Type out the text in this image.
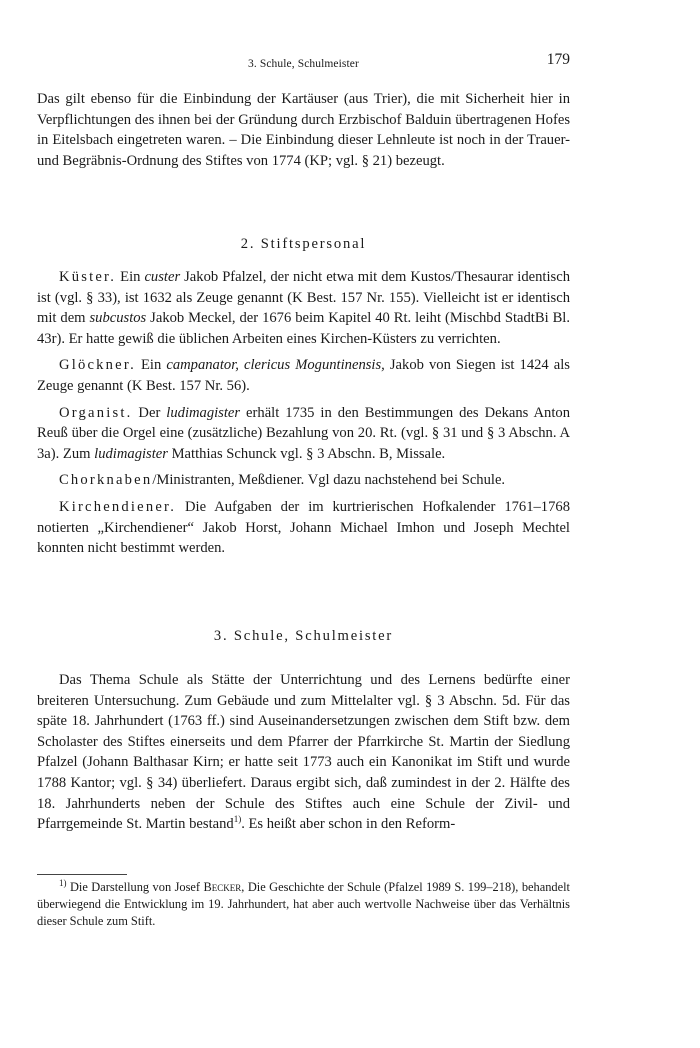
3. Schule, Schulmeister	179

Das gilt ebenso für die Einbindung der Kartäuser (aus Trier), die mit Sicherheit hier in Verpflichtungen des ihnen bei der Gründung durch Erzbischof Balduin übertragenen Hofes in Eitelsbach eingetreten waren. – Die Einbindung dieser Lehnleute ist noch in der Trauer- und Begräbnis-Ordnung des Stiftes von 1774 (KP; vgl. § 21) bezeugt.

2. Stiftspersonal

Küster. Ein custer Jakob Pfalzel, der nicht etwa mit dem Kustos/Thesaurar identisch ist (vgl. § 33), ist 1632 als Zeuge genannt (K Best. 157 Nr. 155). Vielleicht ist er identisch mit dem subcustos Jakob Meckel, der 1676 beim Kapitel 40 Rt. leiht (Mischbd StadtBi Bl. 43r). Er hatte gewiß die üblichen Arbeiten eines Kirchen-Küsters zu verrichten.

Glöckner. Ein campanator, clericus Moguntinensis, Jakob von Siegen ist 1424 als Zeuge genannt (K Best. 157 Nr. 56).

Organist. Der ludimagister erhält 1735 in den Bestimmungen des Dekans Anton Reuß über die Orgel eine (zusätzliche) Bezahlung von 20. Rt. (vgl. § 31 und § 3 Abschn. A 3a). Zum ludimagister Matthias Schunck vgl. § 3 Abschn. B, Missale.

Chorknaben/Ministranten, Meßdiener. Vgl dazu nachstehend bei Schule.

Kirchendiener. Die Aufgaben der im kurtrierischen Hofkalender 1761–1768 notierten „Kirchendiener“ Jakob Horst, Johann Michael Imhon und Joseph Mechtel konnten nicht bestimmt werden.

3. Schule, Schulmeister

Das Thema Schule als Stätte der Unterrichtung und des Lernens bedürfte einer breiteren Untersuchung. Zum Gebäude und zum Mittelalter vgl. § 3 Abschn. 5d. Für das späte 18. Jahrhundert (1763 ff.) sind Auseinandersetzungen zwischen dem Stift bzw. dem Scholaster des Stiftes einerseits und dem Pfarrer der Pfarrkirche St. Martin der Siedlung Pfalzel (Johann Balthasar Kirn; er hatte seit 1773 auch ein Kanonikat im Stift und wurde 1788 Kantor; vgl. § 34) überliefert. Daraus ergibt sich, daß zumindest in der 2. Hälfte des 18. Jahrhunderts neben der Schule des Stiftes auch eine Schule der Zivil- und Pfarrgemeinde St. Martin bestand$^{1)}$. Es heißt aber schon in den Reform-

$^{1)}$ Die Darstellung von Josef Becker, Die Geschichte der Schule (Pfalzel 1989 S. 199–218), behandelt überwiegend die Entwicklung im 19. Jahrhundert, hat aber auch wertvolle Nachweise über das Verhältnis dieser Schule zum Stift.
